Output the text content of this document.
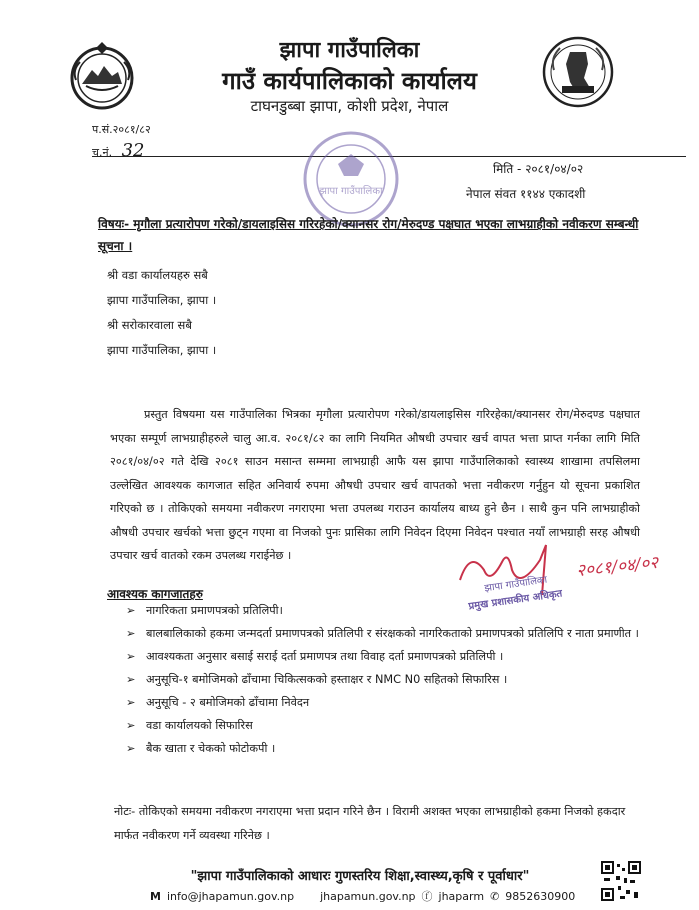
झापा गाउँपालिका
गाउँ कार्यपालिकाको कार्यालय
टाघनडुब्बा झापा, कोशी प्रदेश, नेपाल
प.सं.२०८१/८२
च.नं. 32
झापा गाउँपालिका
मिति - २०८१/०४/०२
नेपाल संवत ११४४ एकादशी
विषयः- मृगौला प्रत्यारोपण गरेको/डायलाइसिस गरिरहेको/क्यानसर रोग/मेरुदण्ड पक्षघात भएका लाभग्राहीको नवीकरण सम्बन्धी सूचना ।
श्री वडा कार्यालयहरु सबै
झापा गाउँपालिका, झापा ।
श्री सरोकारवाला सबै
झापा गाउँपालिका, झापा ।
प्रस्तुत विषयमा यस गाउँपालिका भित्रका मृगौला प्रत्यारोपण गरेको/डायलाइसिस गरिरहेका/क्यानसर रोग/मेरुदण्ड पक्षघात भएका सम्पूर्ण लाभग्राहीहरुले चालु आ.व. २०८१/८२ का लागि नियमित औषधी उपचार खर्च वापत भत्ता प्राप्त गर्नका लागि मिति २०८१/०४/०२ गते देखि २०८१ साउन मसान्त सम्ममा लाभग्राही आफै यस झापा गाउँपालिकाको स्वास्थ्य शाखामा तपसिलमा उल्लेखित आवश्यक कागजात सहित अनिवार्य रुपमा औषधी उपचार खर्च वापतको भत्ता नवीकरण गर्नुहुन यो सूचना प्रकाशित गरिएको छ । तोकिएको समयमा नवीकरण नगराएमा भत्ता उपलब्ध गराउन कार्यालय बाध्य हुने छैन । साथै कुन पनि लाभग्राहीको औषधी उपचार खर्चको भत्ता छुट्न गएमा वा निजको पुनः प्रासिका लागि निवेदन दिएमा निवेदन पश्चात नयाँ लाभग्राही सरह औषधी उपचार खर्च वातको रकम उपलब्ध गराईनेछ ।	२०८१/०४/०२
झापा गाउँपालिका
प्रमुख प्रशासकीय अधिकृत
आवश्यक कागजातहरु
➢ नागरिकता प्रमाणपत्रको प्रतिलिपी।
➢ बालबालिकाको हकमा जन्मदर्ता प्रमाणपत्रको प्रतिलिपी र संरक्षकको नागरिकताको प्रमाणपत्रको प्रतिलिपि र नाता प्रमाणीत ।
➢ आवश्यकता अनुसार बसाई सराई दर्ता प्रमाणपत्र तथा विवाह दर्ता प्रमाणपत्रको प्रतिलिपी ।
➢ अनुसूचि-१ बमोजिमको ढाँचामा चिकित्सकको हस्ताक्षर र NMC N0 सहितको सिफारिस ।
➢ अनुसूचि - २ बमोजिमको ढाँचामा निवेदन
➢ वडा कार्यालयको सिफारिस
➢ बैक खाता र चेकको फोटोकपी ।
नोटः- तोकिएको समयमा नवीकरण नगराएमा भत्ता प्रदान गरिने छैन । विरामी अशक्त भएका लाभग्राहीको हकमा निजको हकदार मार्फत नवीकरण गर्ने व्यवस्था गरिनेछ ।
"झापा गाउँपालिकाको आधारः गुणस्तरिय शिक्षा,स्वास्थ्य,कृषि र पूर्वाधार"
M info@jhapamun.gov.np jhapamun.gov.np ⓕ jhaparm ✆ 9852630900
